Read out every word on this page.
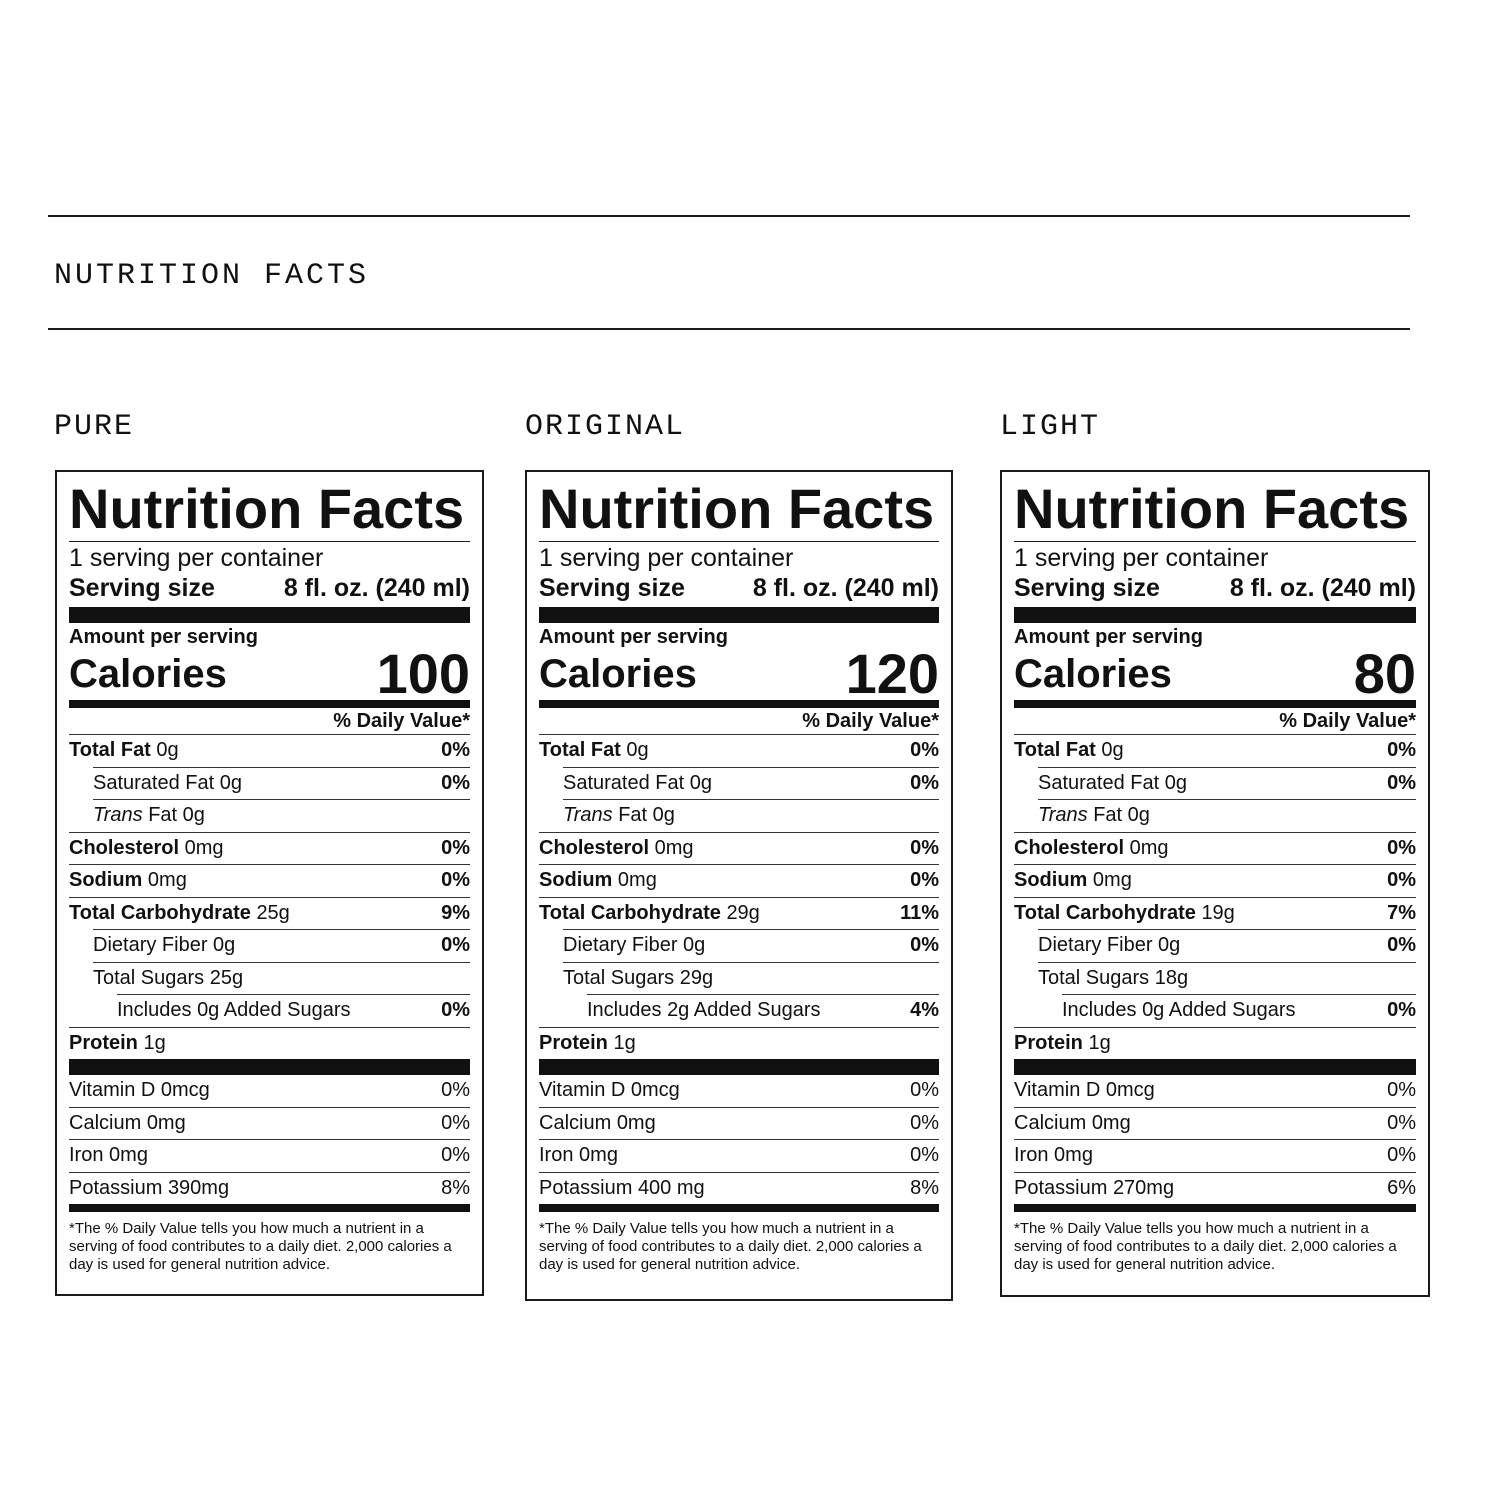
NUTRITION FACTS
PURE
Nutrition Facts
1 serving per container
Serving size	8 fl. oz. (240 ml)
Amount per serving
Calories	100
% Daily Value*
Total Fat 0g	0%
Saturated Fat 0g	0%
Trans Fat 0g
Cholesterol 0mg	0%
Sodium 0mg	0%
Total Carbohydrate 25g	9%
Dietary Fiber 0g	0%
Total Sugars 25g
Includes 0g Added Sugars	0%
Protein 1g
Vitamin D 0mcg	0%
Calcium 0mg	0%
Iron 0mg	0%
Potassium 390mg	8%
*The % Daily Value tells you how much a nutrient in a serving of food contributes to a daily diet. 2,000 calories a day is used for general nutrition advice.
ORIGINAL
Nutrition Facts
1 serving per container
Serving size	8 fl. oz. (240 ml)
Amount per serving
Calories	120
% Daily Value*
Total Fat 0g	0%
Saturated Fat 0g	0%
Trans Fat 0g
Cholesterol 0mg	0%
Sodium 0mg	0%
Total Carbohydrate 29g	11%
Dietary Fiber 0g	0%
Total Sugars 29g
Includes 2g Added Sugars	4%
Protein 1g
Vitamin D 0mcg	0%
Calcium 0mg	0%
Iron 0mg	0%
Potassium 400 mg	8%
*The % Daily Value tells you how much a nutrient in a serving of food contributes to a daily diet. 2,000 calories a day is used for general nutrition advice.
LIGHT
Nutrition Facts
1 serving per container
Serving size	8 fl. oz. (240 ml)
Amount per serving
Calories	80
% Daily Value*
Total Fat 0g	0%
Saturated Fat 0g	0%
Trans Fat 0g
Cholesterol 0mg	0%
Sodium 0mg	0%
Total Carbohydrate 19g	7%
Dietary Fiber 0g	0%
Total Sugars 18g
Includes 0g Added Sugars	0%
Protein 1g
Vitamin D 0mcg	0%
Calcium 0mg	0%
Iron 0mg	0%
Potassium 270mg	6%
*The % Daily Value tells you how much a nutrient in a serving of food contributes to a daily diet. 2,000 calories a day is used for general nutrition advice.
